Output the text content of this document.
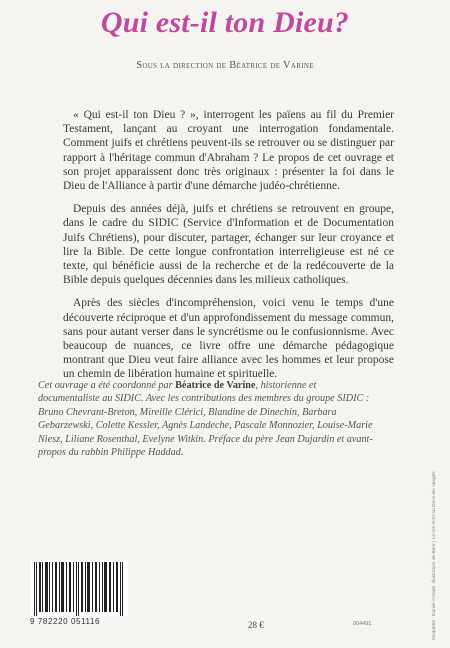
Qui est-il ton Dieu?
Sous la direction de Béatrice de Varine

« Qui est-il ton Dieu ? », interrogent les païens au fil du Premier Testament, lançant au croyant une interrogation fondamentale. Comment juifs et chrétiens peuvent-ils se retrouver ou se distinguer par rapport à l'héritage commun d'Abraham ? Le propos de cet ouvrage et son projet apparaissent donc très originaux : présenter la foi dans le Dieu de l'Alliance à partir d'une démarche judéo-chrétienne.

Depuis des années déjà, juifs et chrétiens se retrouvent en groupe, dans le cadre du SIDIC (Service d'Information et de Documentation Juifs Chrétiens), pour discuter, partager, échanger sur leur croyance et lire la Bible. De cette longue confrontation interreligieuse est né ce texte, qui bénéficie aussi de la recherche et de la redécouverte de la Bible depuis quelques décennies dans les milieux catholiques.

Après des siècles d'incompréhension, voici venu le temps d'une découverte réciproque et d'un approfondissement du message commun, sans pour autant verser dans le syncrétisme ou le confusionnisme. Avec beaucoup de nuances, ce livre offre une démarche pédagogique montrant que Dieu veut faire alliance avec les hommes et leur propose un chemin de libération humaine et spirituelle.

Cet ouvrage a été coordonné par Béatrice de Varine, historienne et documentaliste au SIDIC. Avec les contributions des membres du groupe SIDIC : Bruno Chevrant-Breton, Mireille Clérici, Blandine de Dinechin, Barbara Gebarzewski, Colette Kessler, Agnès Landeche, Pascale Monnozier, Louise-Marie Niesz, Liliane Rosenthal, Evelyne Witkin. Préface du père Jean Dujardin et avant-propos du rabbin Philippe Haddad.
9 782220 051116	28 €	004491	Maquette : Daniel Arnault. Illustration de Bertr | Le tiré mort au Dans les nuages
